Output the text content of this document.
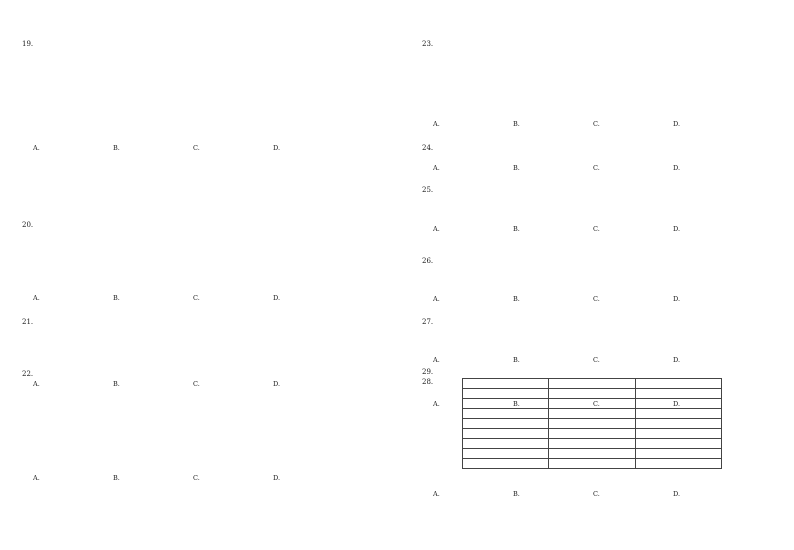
19.
A.	B.	C.	D.
20.
A.	B.	C.	D.
21.
A.	B.	C.	D.
22.
A.	B.	C.	D.
23.
A.	B.	C.	D.
24.
A.	B.	C.	D.
25.
A.	B.	C.	D.
26.
A.	B.	C.	D.
27.
A.	B.	C.	D.
28.
A.	B.	C.	D.
29.

A.	B.	C.	D.
